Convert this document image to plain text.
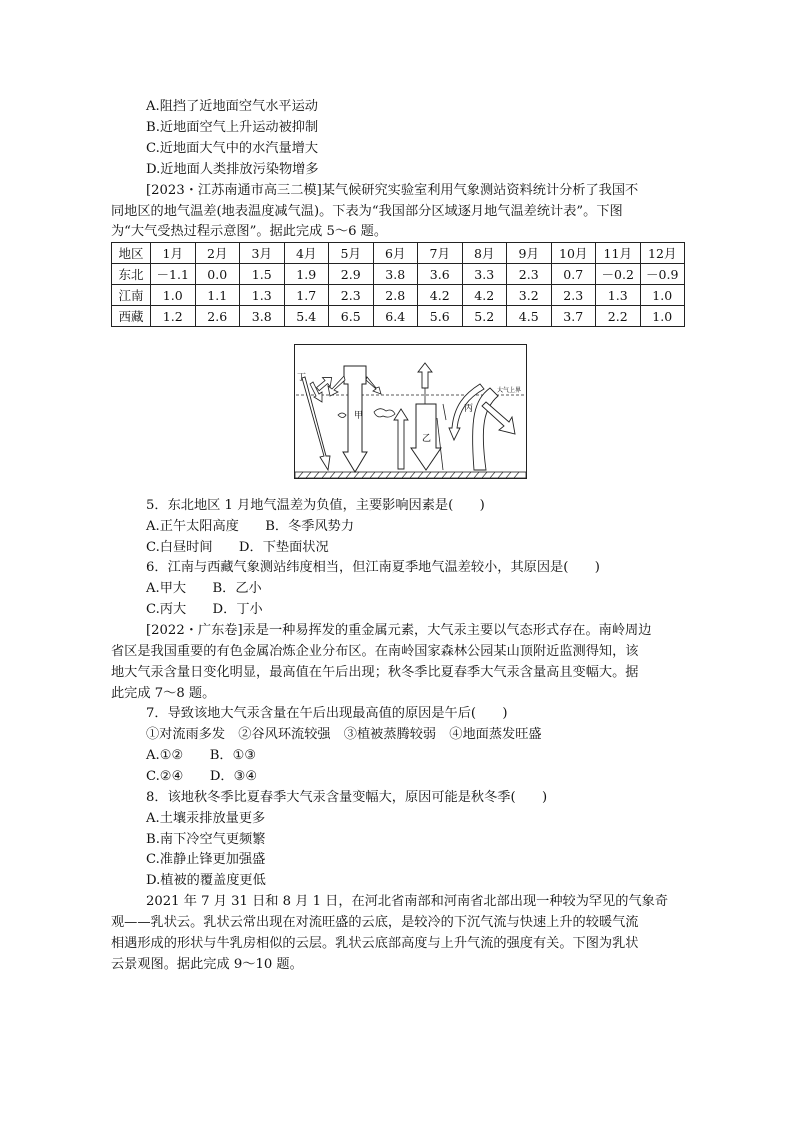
A.阻挡了近地面空气水平运动
B.近地面空气上升运动被抑制
C.近地面大气中的水汽量增大
D.近地面人类排放污染物增多
[2023・江苏南通市高三二模]某气候研究实验室利用气象测站资料统计分析了我国不
同地区的地气温差(地表温度减气温)。下表为“我国部分区域逐月地气温差统计表”。下图
为“大气受热过程示意图”。据此完成 5～6 题。
地区	1月	2月	3月	4月	5月	6月	7月	8月	9月	10月	11月	12月
东北	－1.1	0.0	1.5	1.9	2.9	3.8	3.6	3.3	2.3	0.7	－0.2	－0.9
江南	1.0	1.1	1.3	1.7	2.3	2.8	4.2	4.2	3.2	2.3	1.3	1.0
西藏	1.2	2.6	3.8	5.4	6.5	6.4	5.6	5.2	4.5	3.7	2.2	1.0
丁
甲
乙
丙
大气上界
5．东北地区 1 月地气温差为负值，主要影响因素是(　　)
A.正午太阳高度　　B．冬季风势力
C.白昼时间　　D．下垫面状况
6．江南与西藏气象测站纬度相当，但江南夏季地气温差较小，其原因是(　　)
A.甲大　　B．乙小
C.丙大　　D．丁小
[2022・广东卷]汞是一种易挥发的重金属元素，大气汞主要以气态形式存在。南岭周边
省区是我国重要的有色金属冶炼企业分布区。在南岭国家森林公园某山顶附近监测得知，该
地大气汞含量日变化明显，最高值在午后出现；秋冬季比夏春季大气汞含量高且变幅大。据
此完成 7～8 题。
7．导致该地大气汞含量在午后出现最高值的原因是午后(　　)
①对流雨多发　②谷风环流较强　③植被蒸腾较弱　④地面蒸发旺盛
A.①②　　B．①③
C.②④　　D．③④
8．该地秋冬季比夏春季大气汞含量变幅大，原因可能是秋冬季(　　)
A.土壤汞排放量更多
B.南下冷空气更频繁
C.准静止锋更加强盛
D.植被的覆盖度更低
2021 年 7 月 31 日和 8 月 1 日，在河北省南部和河南省北部出现一种较为罕见的气象奇
观——乳状云。乳状云常出现在对流旺盛的云底，是较冷的下沉气流与快速上升的较暖气流
相遇形成的形状与牛乳房相似的云层。乳状云底部高度与上升气流的强度有关。下图为乳状
云景观图。据此完成 9～10 题。
